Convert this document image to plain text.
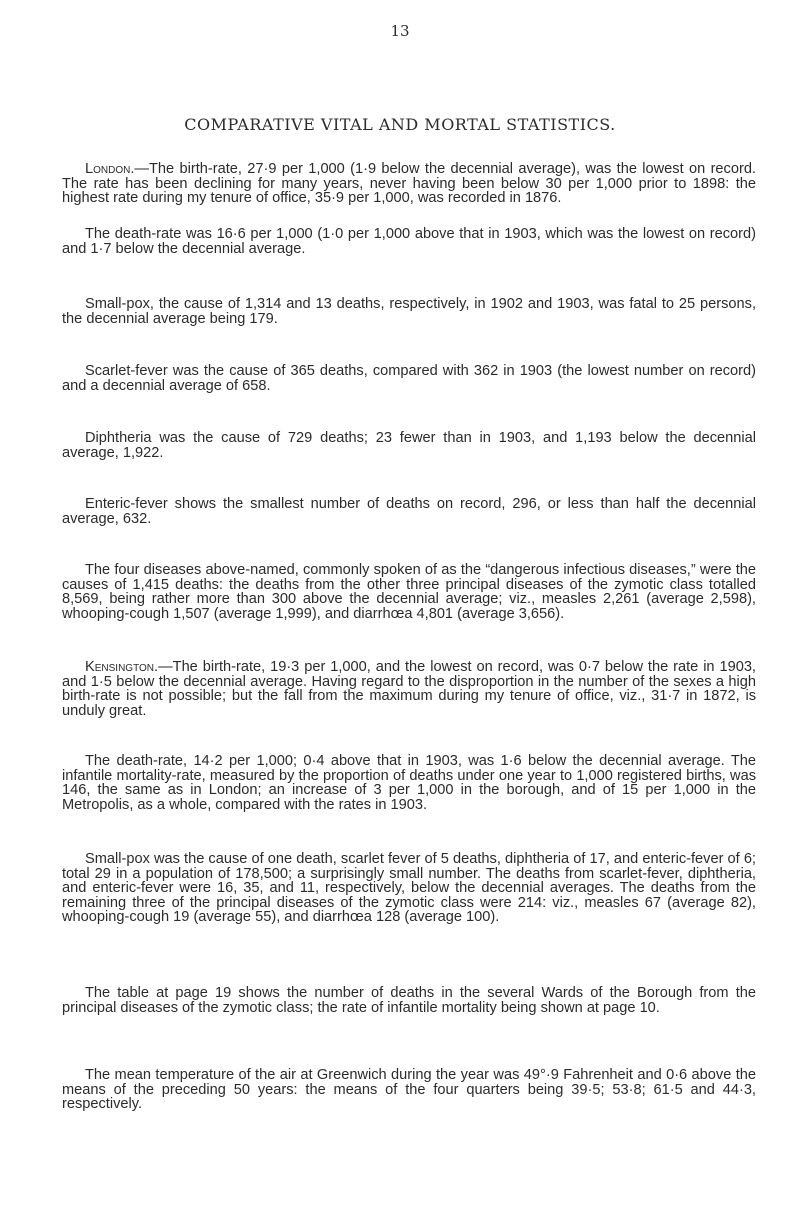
13
COMPARATIVE VITAL AND MORTAL STATISTICS.

London.—The birth-rate, 27·9 per 1,000 (1·9 below the decennial average), was the lowest on record. The rate has been declining for many years, never having been below 30 per 1,000 prior to 1898: the highest rate during my tenure of office, 35·9 per 1,000, was recorded in 1876.

The death-rate was 16·6 per 1,000 (1·0 per 1,000 above that in 1903, which was the lowest on record) and 1·7 below the decennial average.

Small-pox, the cause of 1,314 and 13 deaths, respectively, in 1902 and 1903, was fatal to 25 persons, the decennial average being 179.

Scarlet-fever was the cause of 365 deaths, compared with 362 in 1903 (the lowest number on record) and a decennial average of 658.

Diphtheria was the cause of 729 deaths; 23 fewer than in 1903, and 1,193 below the decennial average, 1,922.

Enteric-fever shows the smallest number of deaths on record, 296, or less than half the decennial average, 632.

The four diseases above-named, commonly spoken of as the “dangerous infectious diseases,” were the causes of 1,415 deaths: the deaths from the other three principal diseases of the zymotic class totalled 8,569, being rather more than 300 above the decennial average; viz., measles 2,261 (average 2,598), whooping-cough 1,507 (average 1,999), and diarrhœa 4,801 (average 3,656).

Kensington.—The birth-rate, 19·3 per 1,000, and the lowest on record, was 0·7 below the rate in 1903, and 1·5 below the decennial average. Having regard to the disproportion in the number of the sexes a high birth-rate is not possible; but the fall from the maximum during my tenure of office, viz., 31·7 in 1872, is unduly great.

The death-rate, 14·2 per 1,000; 0·4 above that in 1903, was 1·6 below the decennial average. The infantile mortality-rate, measured by the proportion of deaths under one year to 1,000 registered births, was 146, the same as in London; an increase of 3 per 1,000 in the borough, and of 15 per 1,000 in the Metropolis, as a whole, compared with the rates in 1903.

Small-pox was the cause of one death, scarlet fever of 5 deaths, diphtheria of 17, and enteric-fever of 6; total 29 in a population of 178,500; a surprisingly small number. The deaths from scarlet-fever, diphtheria, and enteric-fever were 16, 35, and 11, respectively, below the decennial averages. The deaths from the remaining three of the principal diseases of the zymotic class were 214: viz., measles 67 (average 82), whooping-cough 19 (average 55), and diarrhœa 128 (average 100).

The table at page 19 shows the number of deaths in the several Wards of the Borough from the principal diseases of the zymotic class; the rate of infantile mortality being shown at page 10.

The mean temperature of the air at Greenwich during the year was 49°·9 Fahrenheit and 0·6 above the means of the preceding 50 years: the means of the four quarters being 39·5; 53·8; 61·5 and 44·3, respectively.
